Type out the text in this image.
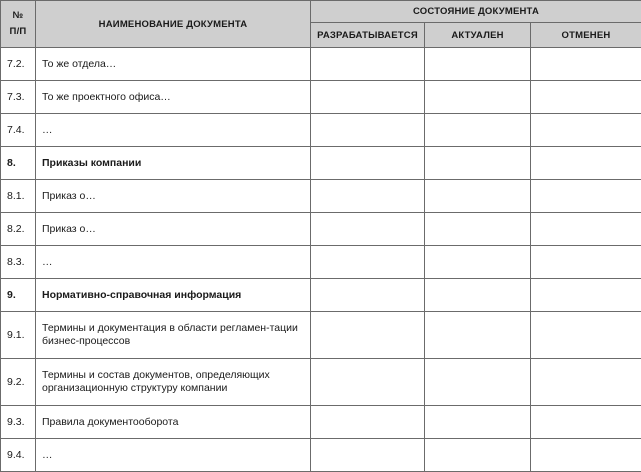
№
П/П	НАИМЕНОВАНИЕ ДОКУМЕНТА	СОСТОЯНИЕ ДОКУМЕНТА		
		РАЗРАБАТЫВАЕТСЯ	АКТУАЛЕН	ОТМЕНЕН
7.2.	То же отдела…			
7.3.	То же проектного офиса…			
7.4.	…			
8.	Приказы компании			
8.1.	Приказ о…			
8.2.	Приказ о…			
8.3.	…			
9.	Нормативно-справочная информация			
9.1.	Термины и документация в области регламен-тации бизнес-процессов			
9.2.	Термины и состав документов, определяющих организационную структуру компании			
9.3.	Правила документооборота			
9.4.	…			
